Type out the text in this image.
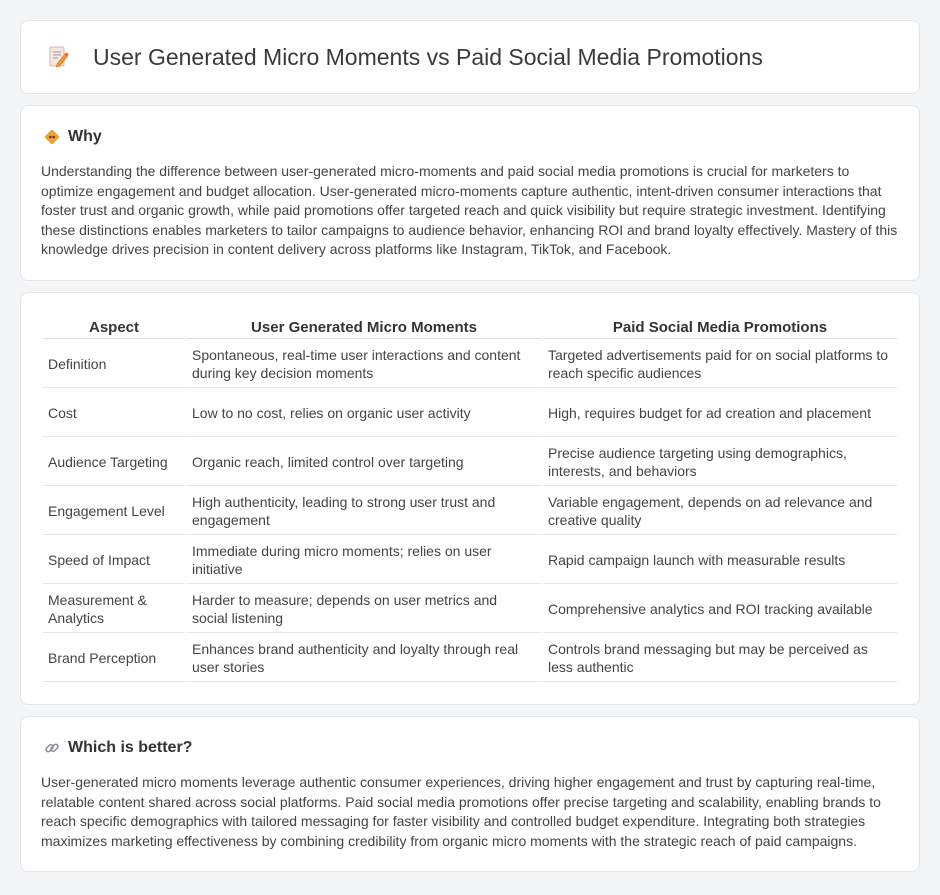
User Generated Micro Moments vs Paid Social Media Promotions
Why

Understanding the difference between user-generated micro-moments and paid social media promotions is crucial for marketers to optimize engagement and budget allocation. User-generated micro-moments capture authentic, intent-driven consumer interactions that foster trust and organic growth, while paid promotions offer targeted reach and quick visibility but require strategic investment. Identifying these distinctions enables marketers to tailor campaigns to audience behavior, enhancing ROI and brand loyalty effectively. Mastery of this knowledge drives precision in content delivery across platforms like Instagram, TikTok, and Facebook.

Aspect	User Generated Micro Moments	Paid Social Media Promotions
Definition	Spontaneous, real-time user interactions and content during key decision moments	Targeted advertisements paid for on social platforms to reach specific audiences
Cost	Low to no cost, relies on organic user activity	High, requires budget for ad creation and placement
Audience Targeting	Organic reach, limited control over targeting	Precise audience targeting using demographics, interests, and behaviors
Engagement Level	High authenticity, leading to strong user trust and engagement	Variable engagement, depends on ad relevance and creative quality
Speed of Impact	Immediate during micro moments; relies on user initiative	Rapid campaign launch with measurable results
Measurement & Analytics	Harder to measure; depends on user metrics and social listening	Comprehensive analytics and ROI tracking available
Brand Perception	Enhances brand authenticity and loyalty through real user stories	Controls brand messaging but may be perceived as less authentic
Which is better?

User-generated micro moments leverage authentic consumer experiences, driving higher engagement and trust by capturing real-time, relatable content shared across social platforms. Paid social media promotions offer precise targeting and scalability, enabling brands to reach specific demographics with tailored messaging for faster visibility and controlled budget expenditure. Integrating both strategies maximizes marketing effectiveness by combining credibility from organic micro moments with the strategic reach of paid campaigns.
